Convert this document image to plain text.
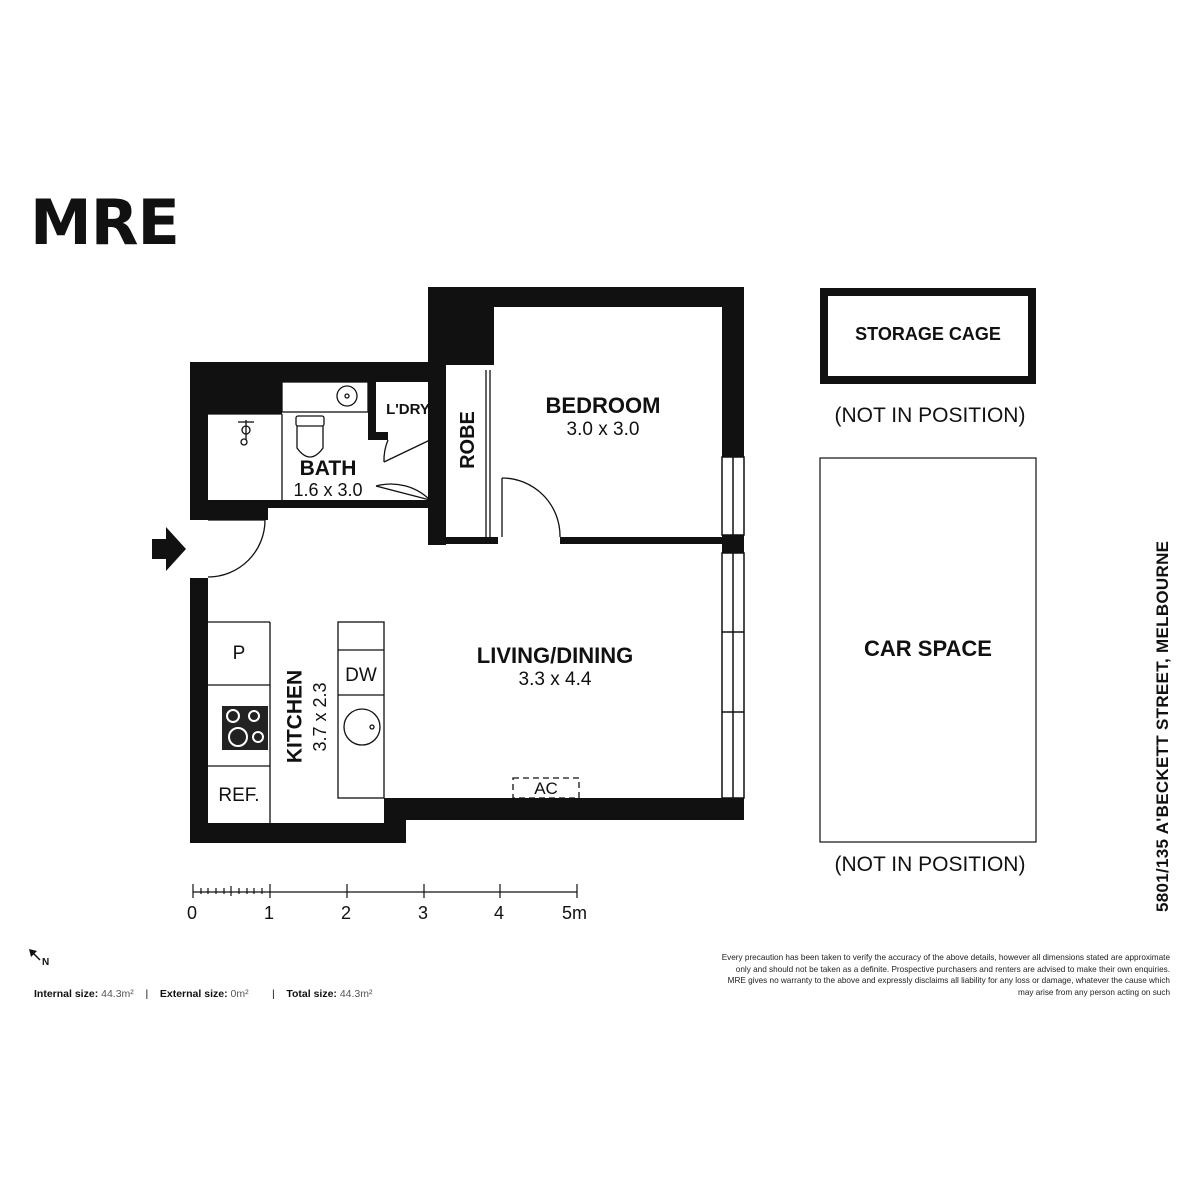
MRE
BEDROOM
3.0 x 3.0
BATH
1.6 x 3.0
L'DRY
ROBE
LIVING/DINING
3.3 x 4.4
KITCHEN 3.7 x 2.3
P
DW
REF.	AC
STORAGE CAGE
(NOT IN POSITION)
CAR SPACE
(NOT IN POSITION)
0	1	2	3	4	5m
N
5801/135 A'BECKETT STREET, MELBOURNE
Internal size: 44.3m² | External size: 0m² | Total size: 44.3m²
Every precaution has been taken to verify the accuracy of the above details, however all dimensions stated are approximate only and should not be taken as a definite. Prospective purchasers and renters are advised to make their own enquiries. MRE gives no warranty to the above and expressly disclaims all liability for any loss or damage, whatever the cause which may arise from any person acting on such
